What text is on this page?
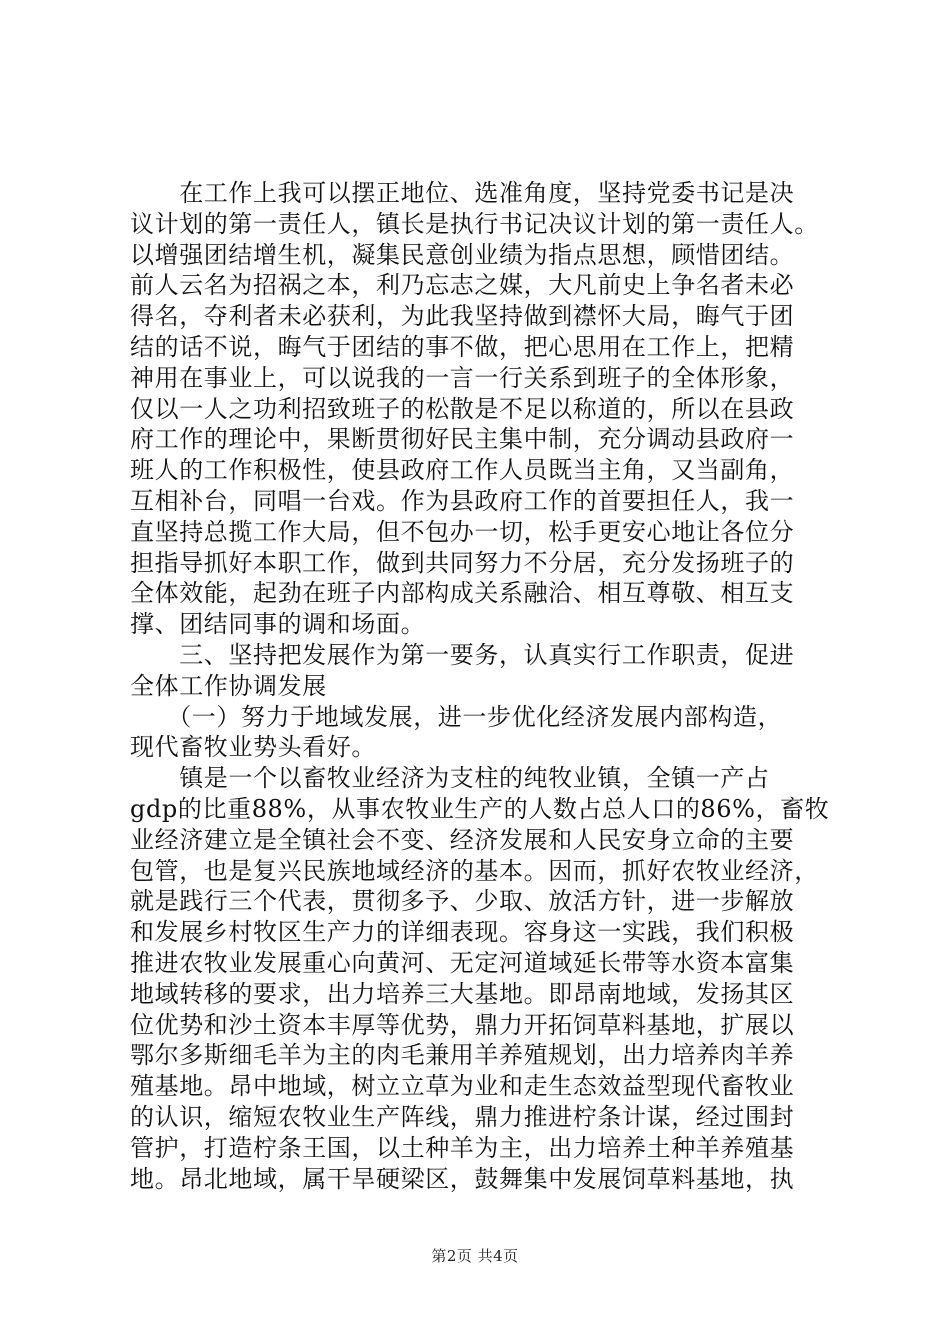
　　在工作上我可以摆正地位、选准角度，坚持党委书记是决
议计划的第一责任人，镇长是执行书记决议计划的第一责任人。
以增强团结增生机，凝集民意创业绩为指点思想，顾惜团结。
前人云名为招祸之本，利乃忘志之媒，大凡前史上争名者未必
得名，夺利者未必获利，为此我坚持做到襟怀大局，晦气于团
结的话不说，晦气于团结的事不做，把心思用在工作上，把精
神用在事业上，可以说我的一言一行关系到班子的全体形象，
仅以一人之功利招致班子的松散是不足以称道的，所以在县政
府工作的理论中，果断贯彻好民主集中制，充分调动县政府一
班人的工作积极性，使县政府工作人员既当主角，又当副角，
互相补台，同唱一台戏。作为县政府工作的首要担任人，我一
直坚持总揽工作大局，但不包办一切，松手更安心地让各位分
担指导抓好本职工作，做到共同努力不分居，充分发扬班子的
全体效能，起劲在班子内部构成关系融洽、相互尊敬、相互支
撑、团结同事的调和场面。
　　三、坚持把发展作为第一要务，认真实行工作职责，促进
全体工作协调发展
　　（一）努力于地域发展，进一步优化经济发展内部构造，
现代畜牧业势头看好。
　　镇是一个以畜牧业经济为支柱的纯牧业镇，全镇一产占
gdp的比重88%，从事农牧业生产的人数占总人口的86%，畜牧
业经济建立是全镇社会不变、经济发展和人民安身立命的主要
包管，也是复兴民族地域经济的基本。因而，抓好农牧业经济，
就是践行三个代表，贯彻多予、少取、放活方针，进一步解放
和发展乡村牧区生产力的详细表现。容身这一实践，我们积极
推进农牧业发展重心向黄河、无定河道域延长带等水资本富集
地域转移的要求，出力培养三大基地。即昂南地域，发扬其区
位优势和沙土资本丰厚等优势，鼎力开拓饲草料基地，扩展以
鄂尔多斯细毛羊为主的肉毛兼用羊养殖规划，出力培养肉羊养
殖基地。昂中地域，树立立草为业和走生态效益型现代畜牧业
的认识，缩短农牧业生产阵线，鼎力推进柠条计谋，经过围封
管护，打造柠条王国，以土种羊为主，出力培养土种羊养殖基
地。昂北地域，属干旱硬梁区，鼓舞集中发展饲草料基地，执
第2页 共4页
